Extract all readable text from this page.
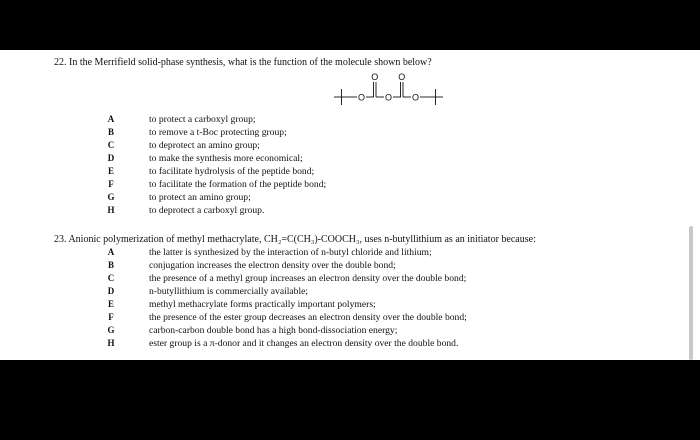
22. In the Merrifield solid-phase synthesis, what is the function of the molecule shown below?
O
O
O
O
O
A	to protect a carboxyl group;
B	to remove a t-Boc protecting group;
C	to deprotect an amino group;
D	to make the synthesis more economical;
E	to facilitate hydrolysis of the peptide bond;
F	to facilitate the formation of the peptide bond;
G	to protect an amino group;
H	to deprotect a carboxyl group.
23. Anionic polymerization of methyl methacrylate, CH₂=C(CH₃)-COOCH₃, uses n-butyllithium as an initiator because:
A	the latter is synthesized by the interaction of n-butyl chloride and lithium;
B	conjugation increases the electron density over the double bond;
C	the presence of a methyl group increases an electron density over the double bond;
D	n-butyllithium is commercially available;
E	methyl methacrylate forms practically important polymers;
F	the presence of the ester group decreases an electron density over the double bond;
G	carbon-carbon double bond has a high bond-dissociation energy;
H	ester group is a π-donor and it changes an electron density over the double bond.
